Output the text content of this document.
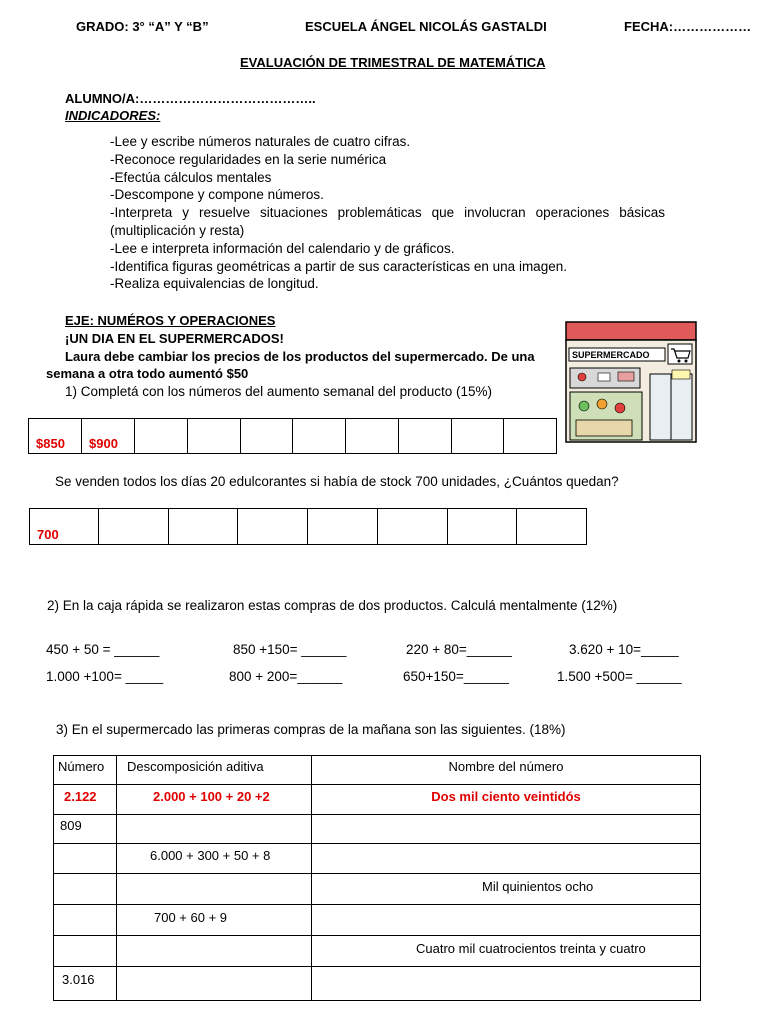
GRADO: 3° “A” Y “B”	ESCUELA ÁNGEL NICOLÁS GASTALDI	FECHA:………………
EVALUACIÓN DE TRIMESTRAL DE MATEMÁTICA
ALUMNO/A:…………………………………..
INDICADORES:
-Lee y escribe números naturales de cuatro cifras.
-Reconoce regularidades en la serie numérica
-Efectúa cálculos mentales
-Descompone y compone números.
-Interpreta y resuelve situaciones problemáticas que involucran operaciones básicas
(multiplicación y resta)
-Lee e interpreta información del calendario y de gráficos.
-Identifica figuras geométricas a partir de sus características en una imagen.
-Realiza equivalencias de longitud.
EJE: NUMÉROS Y OPERACIONES
¡UN DIA EN EL SUPERMERCADOS!
Laura debe cambiar los precios de los productos del supermercado. De una
semana a otra todo aumentó $50
SUPERMERCADO
1) Completá con los números del aumento semanal del producto (15%)
$850	$900								
Se venden todos los días 20 edulcorantes si había de stock 700 unidades, ¿Cuántos quedan?
700							
2) En la caja rápida se realizaron estas compras de dos productos. Calculá mentalmente (12%)
450 + 50 = ______	850 +150= ______	220 + 80=______	3.620 + 10=_____
1.000 +100= _____	800 + 200=______	650+150=______	1.500 +500= ______
3) En el supermercado las primeras compras de la mañana son las siguientes. (18%)
Número	Descomposición aditiva	Nombre del número
2.122	2.000 + 100 + 20 +2	Dos mil ciento veintidós
809		
	6.000 + 300 + 50 + 8	
		Mil quinientos ocho
	700 + 60 + 9	
		Cuatro mil cuatrocientos treinta y cuatro
3.016		
